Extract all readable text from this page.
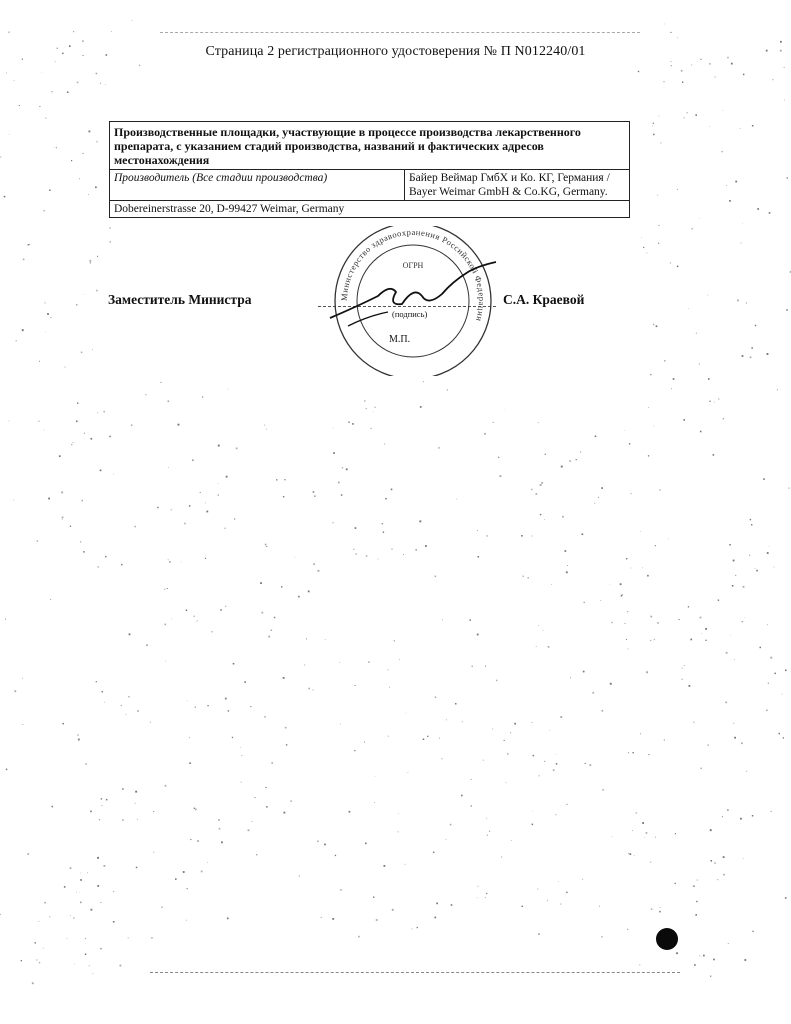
Страница 2 регистрационного удостоверения № П N012240/01
Производственные площадки, участвующие в процессе производства лекарственного препарата, с указанием стадий производства, названий и фактических адресов местонахождения
Производитель (Все стадии производства)	Байер Веймар ГмбХ и Ко. КГ, Германия / Bayer Weimar GmbH & Co.KG, Germany.
Dobereinerstrasse 20, D-99427 Weimar, Germany
Министерство здравоохранения Российской Федерации
ОГРН
Заместитель Министра
(подпись)
М.П.
С.А. Краевой
